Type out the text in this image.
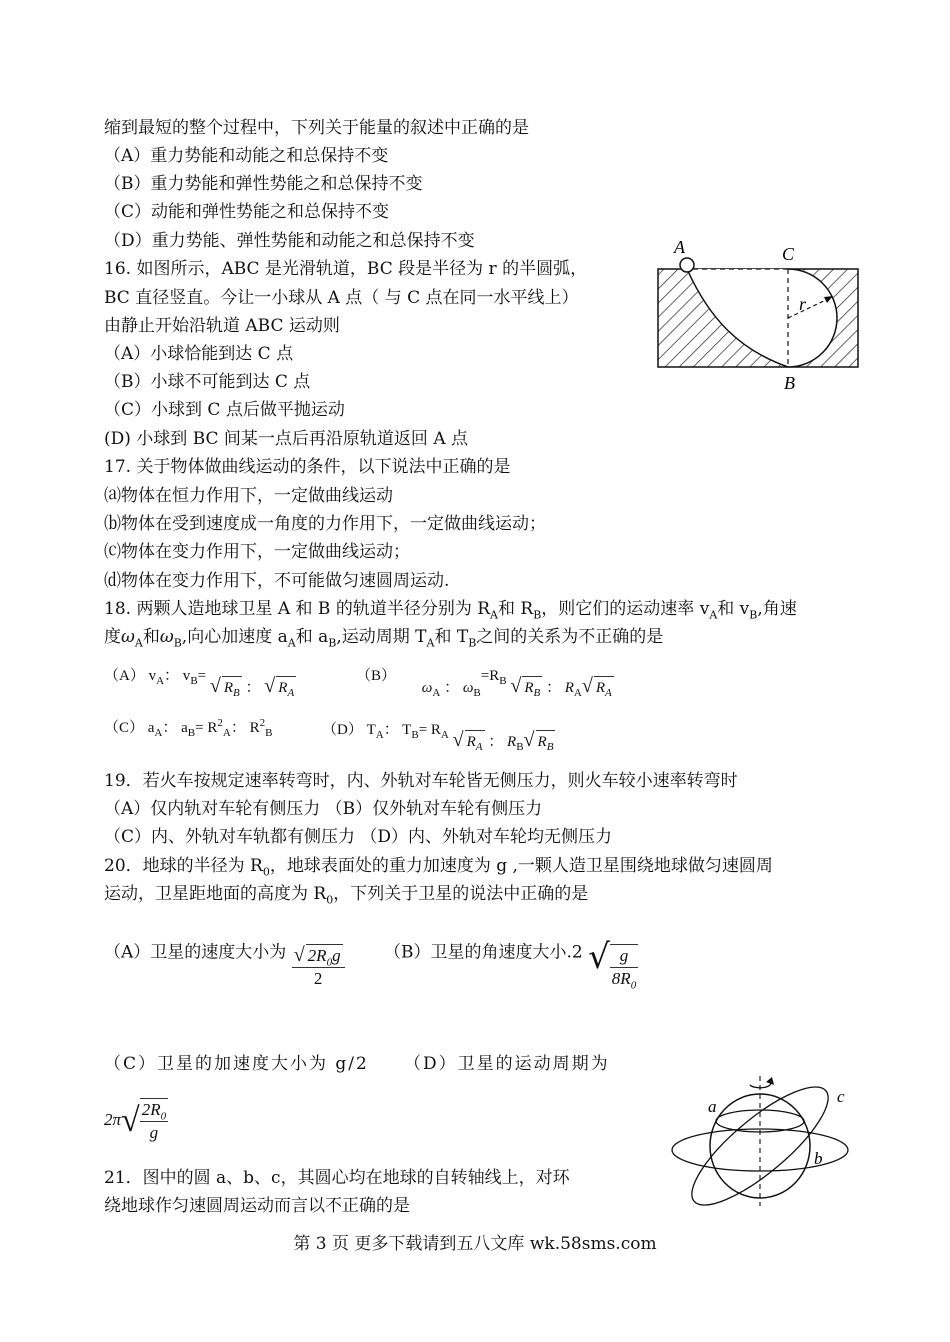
缩到最短的整个过程中，下列关于能量的叙述中正确的是
（A）重力势能和动能之和总保持不变
（B）重力势能和弹性势能之和总保持不变
（C）动能和弹性势能之和总保持不变
（D）重力势能、弹性势能和动能之和总保持不变
16. 如图所示，ABC 是光滑轨道，BC 段是半径为 r 的半圆弧，
BC 直径竖直。今让一小球从 A 点（ 与 C 点在同一水平线上）
由静止开始沿轨道 ABC 运动则
（A）小球恰能到达 C 点
（B）小球不可能到达 C 点
（C）小球到 C 点后做平抛运动
(D) 小球到 BC 间某一点后再沿原轨道返回 A 点
A	C
r
B
17. 关于物体做曲线运动的条件，以下说法中正确的是
⒜物体在恒力作用下，一定做曲线运动
⒝物体在受到速度成一角度的力作用下，一定做曲线运动；
⒞物体在变力作用下，一定做曲线运动；
⒟物体在变力作用下，不可能做匀速圆周运动.
18. 两颗人造地球卫星 A 和 B 的轨道半径分别为 $R_A$和 $R_B$，则它们的运动速率 $v_A$和 $v_B$,角速
度$\omega_A$和$\omega_B$,向心加速度 $a_A$和 $a_B$,运动周期 $T_A$和 $T_B$之间的关系为不正确的是
（A） $v_A$： $v_B=$ √ $R_B$ ： √ $R_A$
（B） $\omega_A$ ： $\omega_B=R_B$ √ $R_B$ ： $R_A√$ $R_A$
（C） $a_A$： $a_B= R^2_A$： $R^2_B$	（D） $T_A$： $T_B= R_A$ √ $R_A$ ： $R_B√$ $R_B$
19．若火车按规定速率转弯时，内、外轨对车轮皆无侧压力，则火车较小速率转弯时
（A）仅内轨对车轮有侧压力 （B）仅外轨对车轮有侧压力
（C）内、外轨对车轨都有侧压力 （D）内、外轨对车轮均无侧压力
20．地球的半径为 $R_0$，地球表面处的重力加速度为 g ,一颗人造卫星围绕地球做匀速圆周
运动，卫星距地面的高度为 $R_0$，下列关于卫星的说法中正确的是
（A）卫星的速度大小为 $\frac{√ 2R_0g}{2} (B)$卫星的角速度大小.2 √ $\frac{g}{8R_0}$
（C）卫星的加速度大小为 g/2 （D）卫星的运动周期为
$2\pi√ \frac{2R_0}{g}$
21．图中的圆 a、b、c，其圆心均在地球的自转轴线上，对环
绕地球作匀速圆周运动而言以不正确的是
a
b
c
第 3 页 更多下载请到五八文库 wk.58sms.com
